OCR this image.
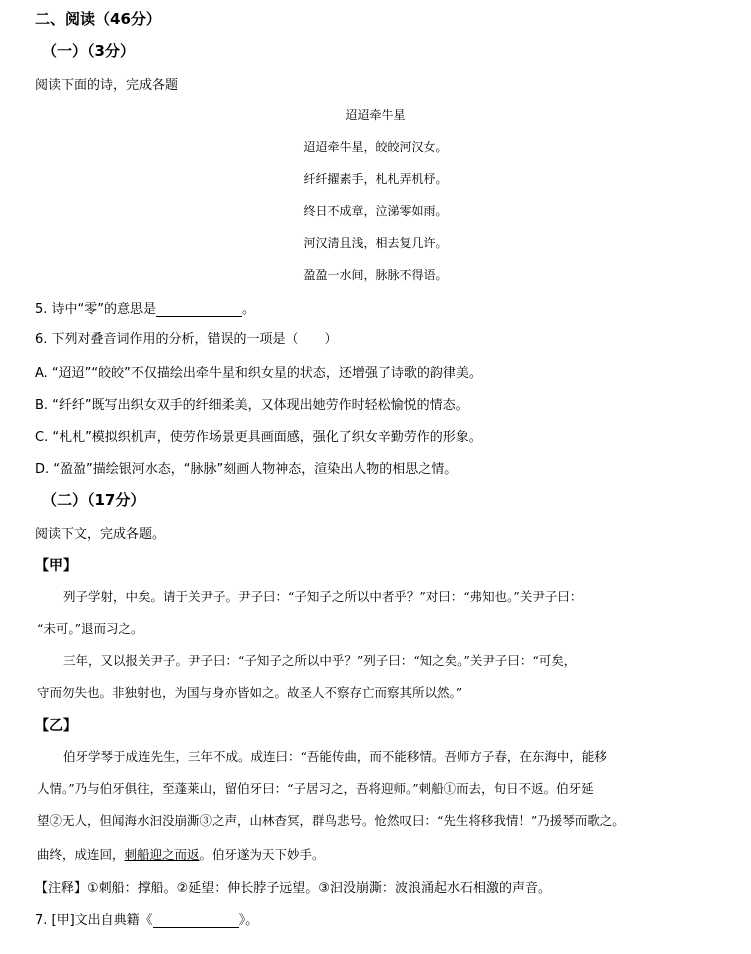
二、阅读（46分）
（一）（3分）
阅读下面的诗，完成各题
迢迢牵牛星
迢迢牵牛星，皎皎河汉女。
纤纤擢素手，札札弄机杼。
终日不成章，泣涕零如雨。
河汉清且浅，相去复几许。
盈盈一水间，脉脉不得语。
5. 诗中“零”的意思是	。
6. 下列对叠音词作用的分析，错误的一项是（　　）
A. “迢迢”“皎皎”不仅描绘出牵牛星和织女星的状态，还增强了诗歌的韵律美。
B. “纤纤”既写出织女双手的纤细柔美，又体现出她劳作时轻松愉悦的情态。
C. “札札”模拟织机声，使劳作场景更具画面感，强化了织女辛勤劳作的形象。
D. “盈盈”描绘银河水态，“脉脉”刻画人物神态，渲染出人物的相思之情。
（二）（17分）
阅读下文，完成各题。
【甲】
列子学射，中矣。请于关尹子。尹子曰：“子知子之所以中者乎？”对曰：“弗知也。”关尹子曰：
“未可。”退而习之。
三年，又以报关尹子。尹子曰：“子知子之所以中乎？”列子曰：“知之矣。”关尹子曰：“可矣，
守而勿失也。非独射也，为国与身亦皆如之。故圣人不察存亡而察其所以然。”
【乙】
伯牙学琴于成连先生，三年不成。成连曰：“吾能传曲，而不能移情。吾师方子春，在东海中，能移
人情。”乃与伯牙俱往，至蓬莱山，留伯牙曰：“子居习之，吾将迎师。”刺船①而去，旬日不返。伯牙延
望②无人，但闻海水汩没崩澌③之声，山林杳冥，群鸟悲号。怆然叹曰：“先生将移我情！”乃援琴而歌之。
曲终，成连回，刺船迎之而返。伯牙遂为天下妙手。
【注释】①刺船：撑船。②延望：伸长脖子远望。③汩没崩澌：波浪涌起水石相激的声音。
7. [甲]文出自典籍《	》。
